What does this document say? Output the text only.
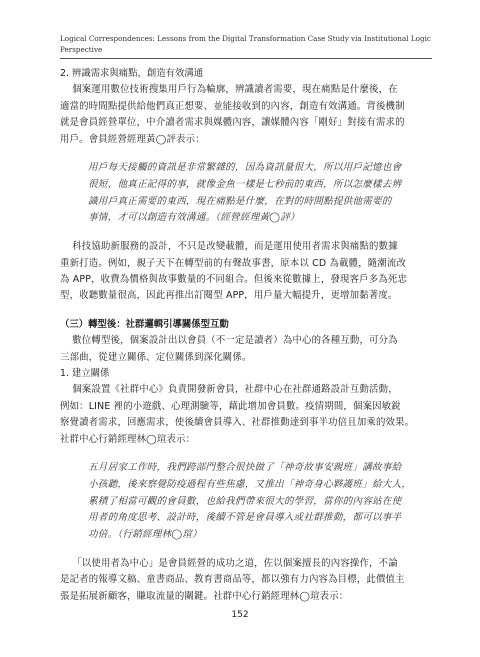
Logical Correspondences: Lessons from the Digital Transformation Case Study via Institutional Logic
Perspective

2. 辨識需求與痛點，創造有效溝通

個案運用數位技術搜集用戶行為輪廓，辨識讀者需要，現在痛點是什麼後，在

適當的時間點提供給他們真正想要、並能接收到的內容，創造有效溝通。背後機制

就是會員經營單位，中介讀者需求與媒體內容，讓媒體內容「剛好」對接有需求的

用戶。會員經營經理黃◯評表示：

用戶每天接觸的資訊是非常繁雜的，因為資訊量很大，所以用戶記憶也會

很短，他真正記得的事，就像金魚一樣是七秒前的東西，所以怎麼樣去辨

識用戶真正需要的東西，現在痛點是什麼，在對的時間點提供他需要的

事情，才可以創造有效溝通。（經營經理黃◯評）

科技協助新服務的設計，不只是改變載體，而是運用使用者需求與痛點的數據

重新打造。例如，親子天下在轉型前的有聲故事書，原本以 CD 為載體，隨潮流改

為 APP，收費為價格與故事數量的不同組合。但後來從數據上，發現客戶多為死忠

型，收聽數量很高，因此再推出訂閱型 APP，用戶量大幅提升，更增加黏著度。

（三）轉型後：社群邏輯引導關係型互動

數位轉型後，個案設計出以會員（不一定是讀者）為中心的各種互動，可分為

三部曲，從建立關係、定位關係到深化關係。

1. 建立關係

個案設置《社群中心》負責開發新會員，社群中心在社群通路設計互動活動，

例如：LINE 裡的小遊戲、心理測驗等，藉此增加會員數。疫情期間，個案因敏銳

察覺讀者需求，回應需求，使後續會員導入、社群推動達到事半功倍且加乘的效果。

社群中心行銷經理林◯瑄表示：

五月居家工作時，我們跨部門整合很快做了「神奇故事安親班」講故事給

小孩聽，後來察覺防疫過程有些焦慮，又推出「神奇身心夥護班」給大人，

累積了相當可觀的會員數，也給我們帶來很大的學習，當你的內容站在使

用者的角度思考、設計時，後續不管是會員導入或社群推動，都可以事半

功倍。（行銷經理林◯瑄）

「以使用者為中心」是會員經營的成功之道，佐以個案擅長的內容操作，不論

是記者的報導文稿、童書商品、教育書商品等，都以強有力內容為目標，此價值主

張是拓展新顧客，賺取流量的關鍵。社群中心行銷經理林◯瑄表示：

152
